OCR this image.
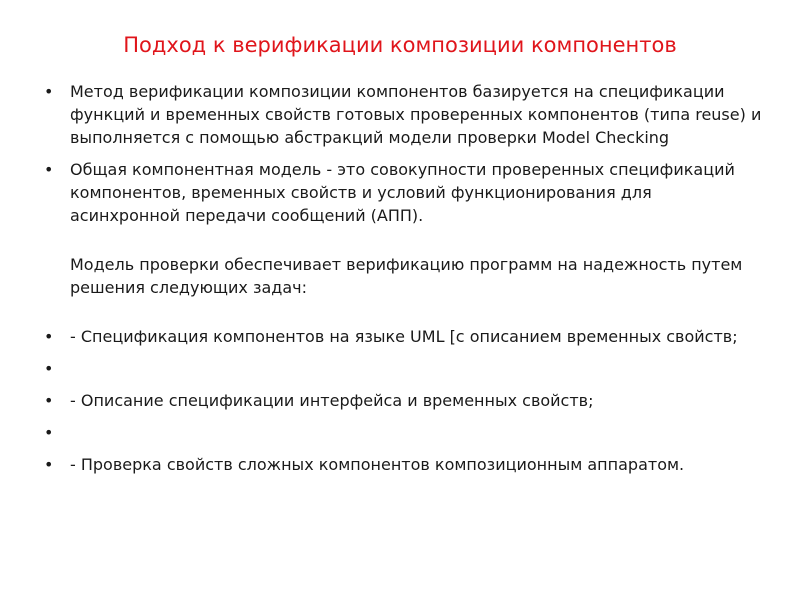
Подход к верификации композиции компонентов
• Метод верификации композиции компонентов базируется на спецификации функций и временных свойств готовых проверенных компонентов (типа reuse) и выполняется с помощью абстракций модели проверки Model Checking
• Общая компонентная модель - это совокупности проверенных спецификаций компонентов, временных свойств и условий функционирования для асинхронной передачи сообщений (АПП).
Модель проверки обеспечивает верификацию программ на надежность путем решения следующих задач:
• - Спецификация компонентов на языке UML [с описанием временных свойств;
•
• - Описание спецификации интерфейса и временных свойств;
•
• - Проверка свойств сложных компонентов композиционным аппаратом.
